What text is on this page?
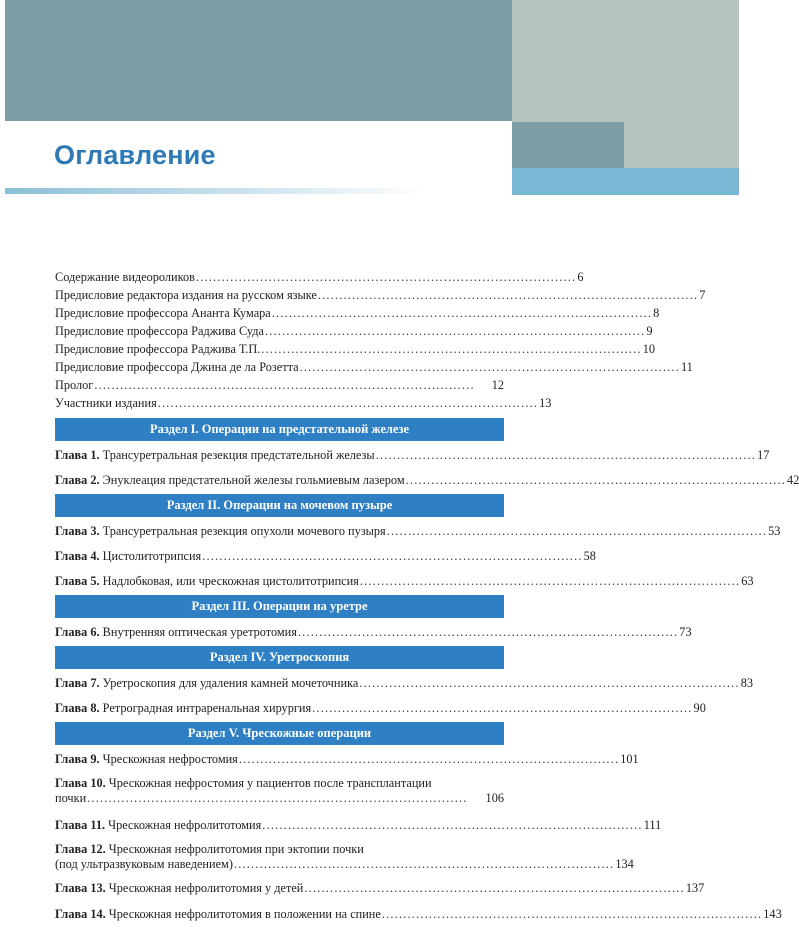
Оглавление
Содержание видеороликов ......................................................................................... 6
Предисловие редактора издания на русском языке ......................................................................................... 7
Предисловие профессора Ананта Кумара ......................................................................................... 8
Предисловие профессора Раджива Суда ......................................................................................... 9
Предисловие профессора Раджива Т.П. ......................................................................................... 10
Предисловие профессора Джина де ла Розетта ......................................................................................... 11
Пролог .........................................................................................	12
Участники издания ......................................................................................... 13
Раздел I. Операции на предстательной железе
Глава 1. Трансуретральная резекция предстательной железы ......................................................................................... 17
Глава 2. Энуклеация предстательной железы гольмиевым лазером ......................................................................................... 42
Раздел II. Операции на мочевом пузыре
Глава 3. Трансуретральная резекция опухоли мочевого пузыря ......................................................................................... 53
Глава 4. Цистолитотрипсия ......................................................................................... 58
Глава 5. Надлобковая, или чрескожная цистолитотрипсия ......................................................................................... 63
Раздел III. Операции на уретре
Глава 6. Внутренняя оптическая уретротомия ......................................................................................... 73
Раздел IV. Уретроскопия
Глава 7. Уретроскопия для удаления камней мочеточника ......................................................................................... 83
Глава 8. Ретроградная интраренальная хирургия ......................................................................................... 90
Раздел V. Чрескожные операции
Глава 9. Чрескожная нефростомия ......................................................................................... 101
Глава 10. Чрескожная нефростомия у пациентов после трансплантации
почки .........................................................................................	106
Глава 11. Чрескожная нефролитотомия ......................................................................................... 111
Глава 12. Чрескожная нефролитотомия при эктопии почки
(под ультразвуковым наведением) ......................................................................................... 134
Глава 13. Чрескожная нефролитотомия у детей ......................................................................................... 137
Глава 14. Чрескожная нефролитотомия в положении на спине ......................................................................................... 143
